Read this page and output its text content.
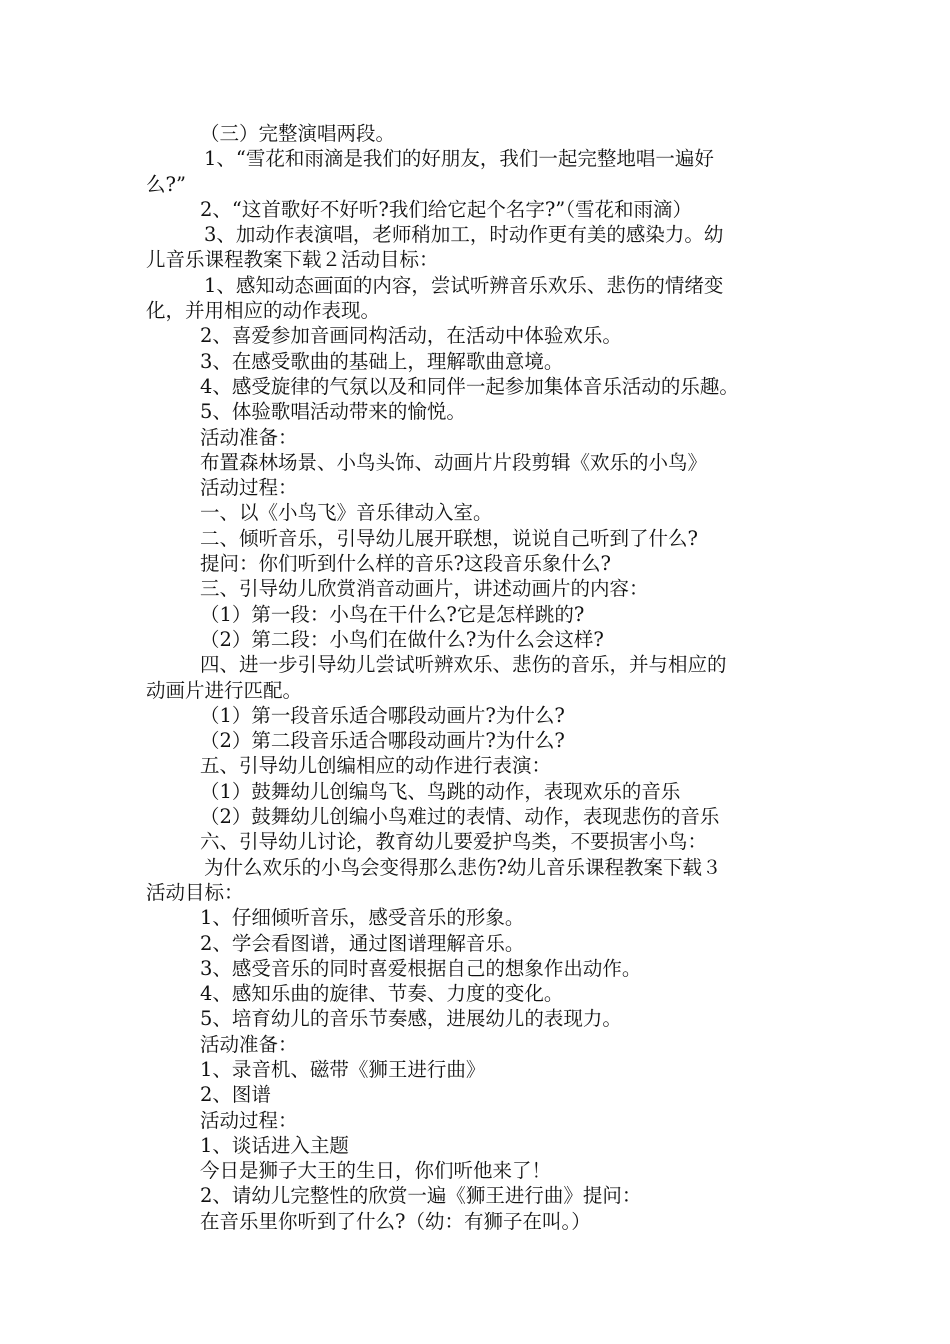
（三）完整演唱两段。

1、“雪花和雨滴是我们的好朋友，我们一起完整地唱一遍好

么?”

2、“这首歌好不好听?我们给它起个名字?”（雪花和雨滴）

3、加动作表演唱，老师稍加工，时动作更有美的感染力。幼

儿音乐课程教案下载２活动目标：

1、感知动态画面的内容，尝试听辨音乐欢乐、悲伤的情绪变

化，并用相应的动作表现。

2、喜爱参加音画同构活动，在活动中体验欢乐。

3、在感受歌曲的基础上，理解歌曲意境。

4、感受旋律的气氛以及和同伴一起参加集体音乐活动的乐趣。

5、体验歌唱活动带来的愉悦。

活动准备：

布置森林场景、小鸟头饰、动画片片段剪辑《欢乐的小鸟》

活动过程：

一、以《小鸟飞》音乐律动入室。

二、倾听音乐，引导幼儿展开联想，说说自己听到了什么?

提问：你们听到什么样的音乐?这段音乐象什么?

三、引导幼儿欣赏消音动画片，讲述动画片的内容：

（1）第一段：小鸟在干什么?它是怎样跳的?

（2）第二段：小鸟们在做什么?为什么会这样?

四、进一步引导幼儿尝试听辨欢乐、悲伤的音乐，并与相应的

动画片进行匹配。

（1）第一段音乐适合哪段动画片?为什么?

（2）第二段音乐适合哪段动画片?为什么?

五、引导幼儿创编相应的动作进行表演：

（1）鼓舞幼儿创编鸟飞、鸟跳的动作，表现欢乐的音乐

（2）鼓舞幼儿创编小鸟难过的表情、动作，表现悲伤的音乐

六、引导幼儿讨论，教育幼儿要爱护鸟类，不要损害小鸟：

为什么欢乐的小鸟会变得那么悲伤?幼儿音乐课程教案下载３

活动目标：

1、仔细倾听音乐，感受音乐的形象。

2、学会看图谱，通过图谱理解音乐。

3、感受音乐的同时喜爱根据自己的想象作出动作。

4、感知乐曲的旋律、节奏、力度的变化。

5、培育幼儿的音乐节奏感，进展幼儿的表现力。

活动准备：

1、录音机、磁带《狮王进行曲》

2、图谱

活动过程：

1、谈话进入主题

今日是狮子大王的生日，你们听他来了！

2、请幼儿完整性的欣赏一遍《狮王进行曲》提问：

在音乐里你听到了什么?（幼：有狮子在叫。）
